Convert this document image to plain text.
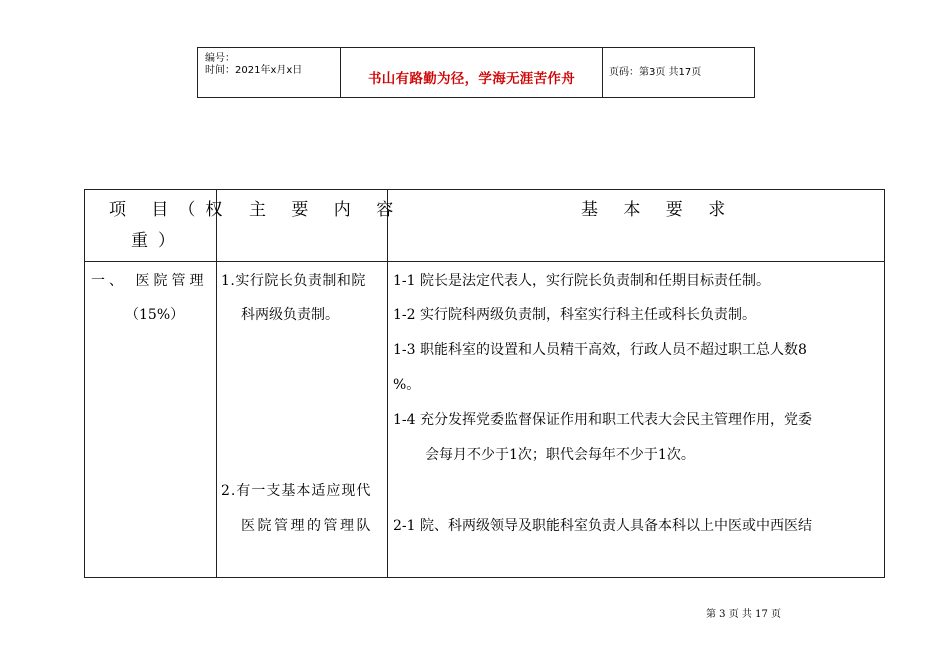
编号：
时间：2021年x月x日
书山有路勤为径，学海无涯苦作舟	页码：第3页 共17页
项 目（权
重）
主 要 内 容	基 本 要 求
一、 医院管理
（15%）
1.实行院长负责制和院
科两级负责制。
2.有一支基本适应现代
医院管理的管理队
1-1 院长是法定代表人，实行院长负责制和任期目标责任制。
1-2 实行院科两级负责制，科室实行科主任或科长负责制。
1-3 职能科室的设置和人员精干高效，行政人员不超过职工总人数8
%。
1-4 充分发挥党委监督保证作用和职工代表大会民主管理作用，党委
会每月不少于1次；职代会每年不少于1次。
2-1 院、科两级领导及职能科室负责人具备本科以上中医或中西医结
第 3 页 共 17 页
